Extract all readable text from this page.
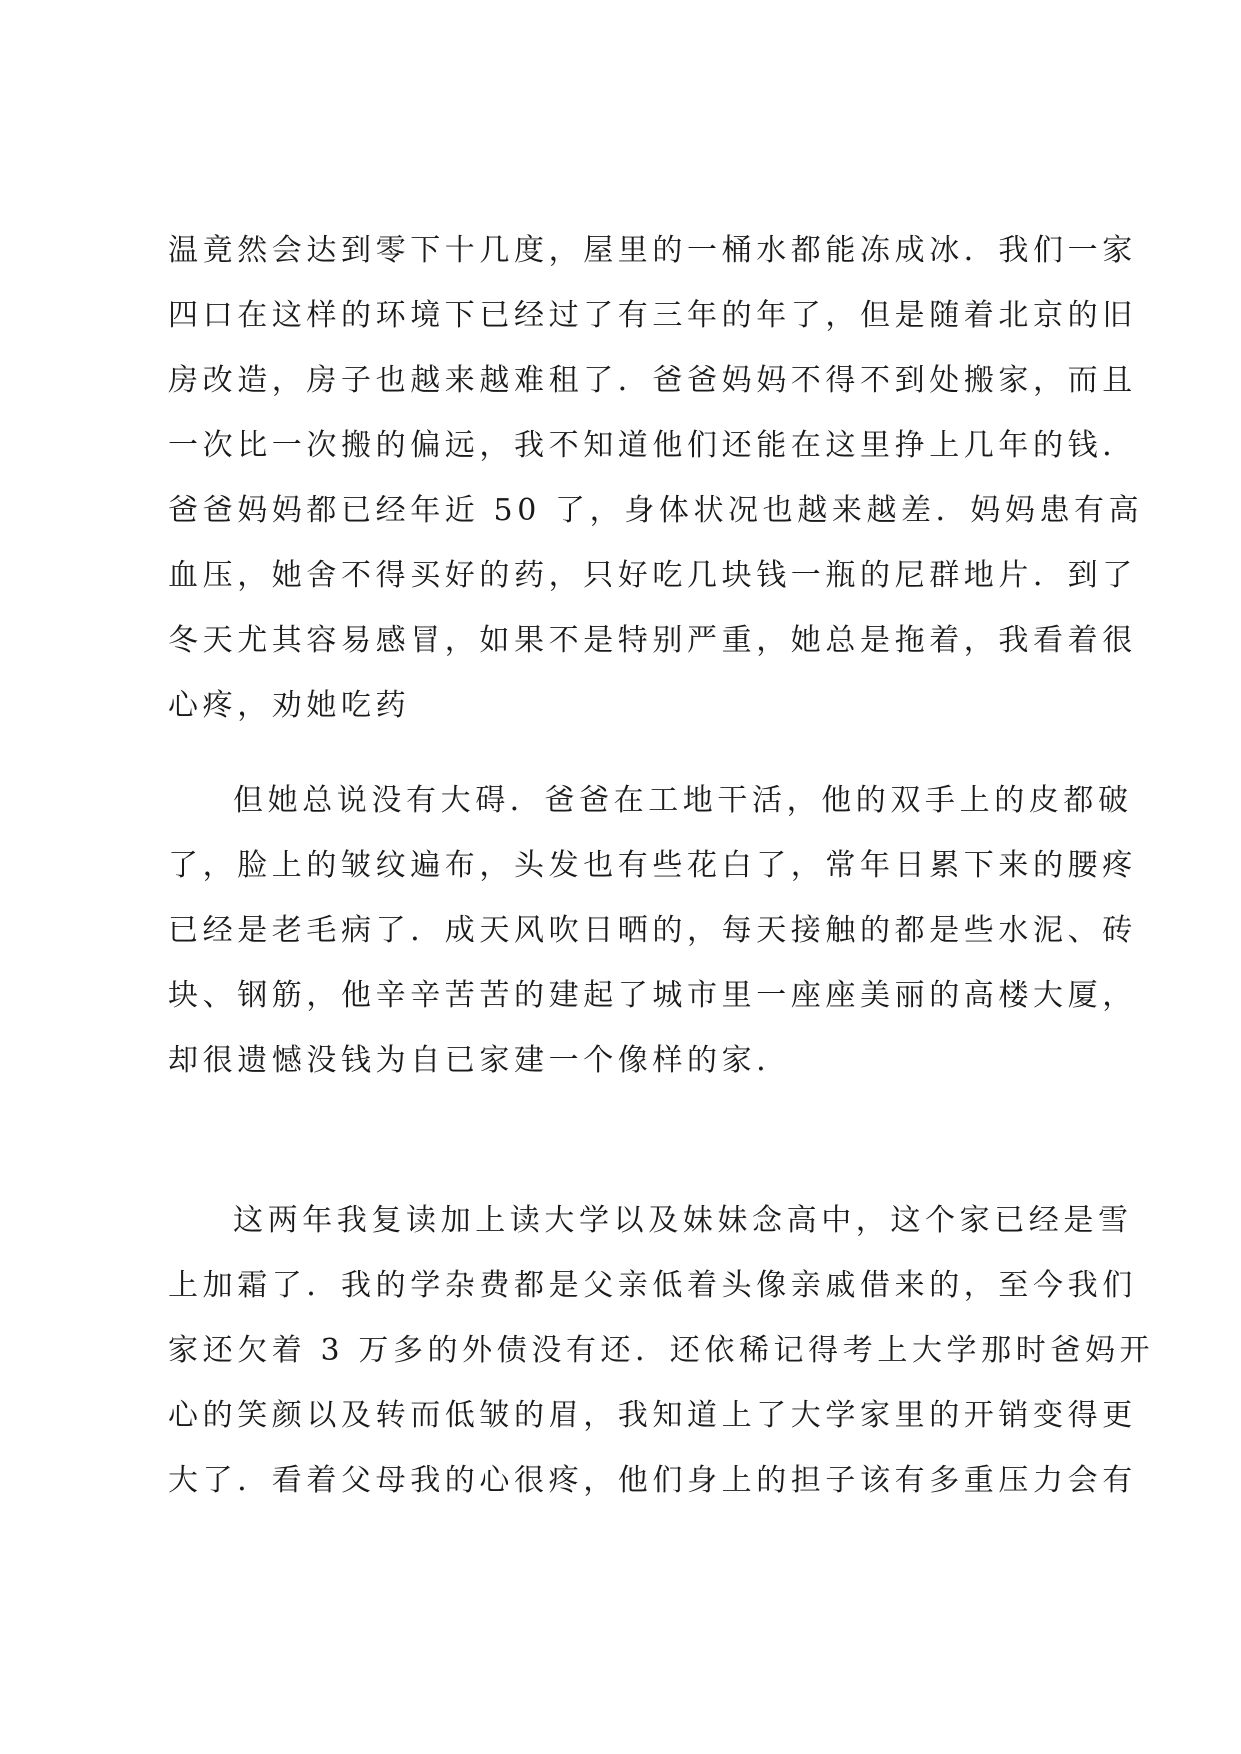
温竟然会达到零下十几度，屋里的一桶水都能冻成冰．我们一家
四口在这样的环境下已经过了有三年的年了，但是随着北京的旧
房改造，房子也越来越难租了．爸爸妈妈不得不到处搬家，而且
一次比一次搬的偏远，我不知道他们还能在这里挣上几年的钱．
爸爸妈妈都已经年近 50 了，身体状况也越来越差．妈妈患有高
血压，她舍不得买好的药，只好吃几块钱一瓶的尼群地片．到了
冬天尤其容易感冒，如果不是特别严重，她总是拖着，我看着很
心疼，劝她吃药
但她总说没有大碍．爸爸在工地干活，他的双手上的皮都破
了，脸上的皱纹遍布，头发也有些花白了，常年日累下来的腰疼
已经是老毛病了．成天风吹日晒的，每天接触的都是些水泥、砖
块、钢筋，他辛辛苦苦的建起了城市里一座座美丽的高楼大厦，
却很遗憾没钱为自已家建一个像样的家．
这两年我复读加上读大学以及妹妹念高中，这个家已经是雪
上加霜了．我的学杂费都是父亲低着头像亲戚借来的，至今我们
家还欠着 3 万多的外债没有还．还依稀记得考上大学那时爸妈开
心的笑颜以及转而低皱的眉，我知道上了大学家里的开销变得更
大了．看着父母我的心很疼，他们身上的担子该有多重压力会有
